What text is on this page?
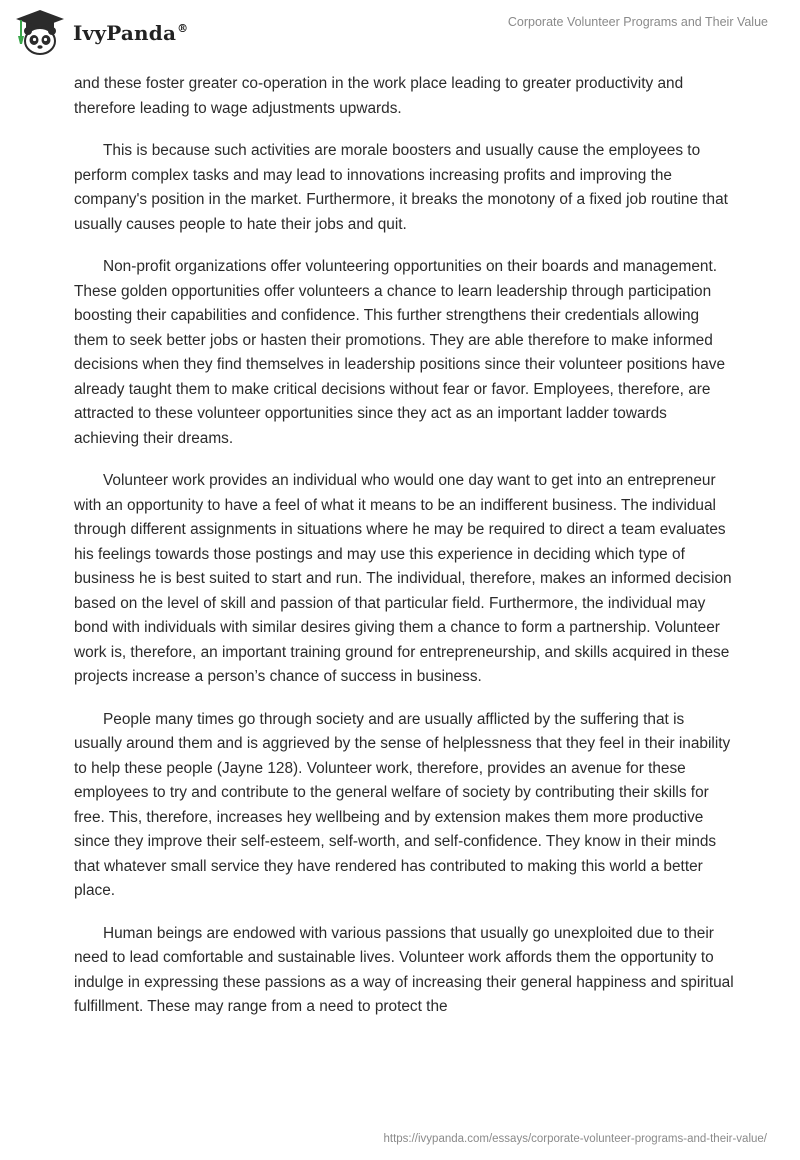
IvyPanda®	Corporate Volunteer Programs and Their Value

and these foster greater co-operation in the work place leading to greater productivity and therefore leading to wage adjustments upwards.

This is because such activities are morale boosters and usually cause the employees to perform complex tasks and may lead to innovations increasing profits and improving the company's position in the market. Furthermore, it breaks the monotony of a fixed job routine that usually causes people to hate their jobs and quit.

Non-profit organizations offer volunteering opportunities on their boards and management. These golden opportunities offer volunteers a chance to learn leadership through participation boosting their capabilities and confidence. This further strengthens their credentials allowing them to seek better jobs or hasten their promotions. They are able therefore to make informed decisions when they find themselves in leadership positions since their volunteer positions have already taught them to make critical decisions without fear or favor. Employees, therefore, are attracted to these volunteer opportunities since they act as an important ladder towards achieving their dreams.

Volunteer work provides an individual who would one day want to get into an entrepreneur with an opportunity to have a feel of what it means to be an indifferent business. The individual through different assignments in situations where he may be required to direct a team evaluates his feelings towards those postings and may use this experience in deciding which type of business he is best suited to start and run. The individual, therefore, makes an informed decision based on the level of skill and passion of that particular field. Furthermore, the individual may bond with individuals with similar desires giving them a chance to form a partnership. Volunteer work is, therefore, an important training ground for entrepreneurship, and skills acquired in these projects increase a person’s chance of success in business.

People many times go through society and are usually afflicted by the suffering that is usually around them and is aggrieved by the sense of helplessness that they feel in their inability to help these people (Jayne 128). Volunteer work, therefore, provides an avenue for these employees to try and contribute to the general welfare of society by contributing their skills for free. This, therefore, increases hey wellbeing and by extension makes them more productive since they improve their self-esteem, self-worth, and self-confidence. They know in their minds that whatever small service they have rendered has contributed to making this world a better place.

Human beings are endowed with various passions that usually go unexploited due to their need to lead comfortable and sustainable lives. Volunteer work affords them the opportunity to indulge in expressing these passions as a way of increasing their general happiness and spiritual fulfillment. These may range from a need to protect the

https://ivypanda.com/essays/corporate-volunteer-programs-and-their-value/
